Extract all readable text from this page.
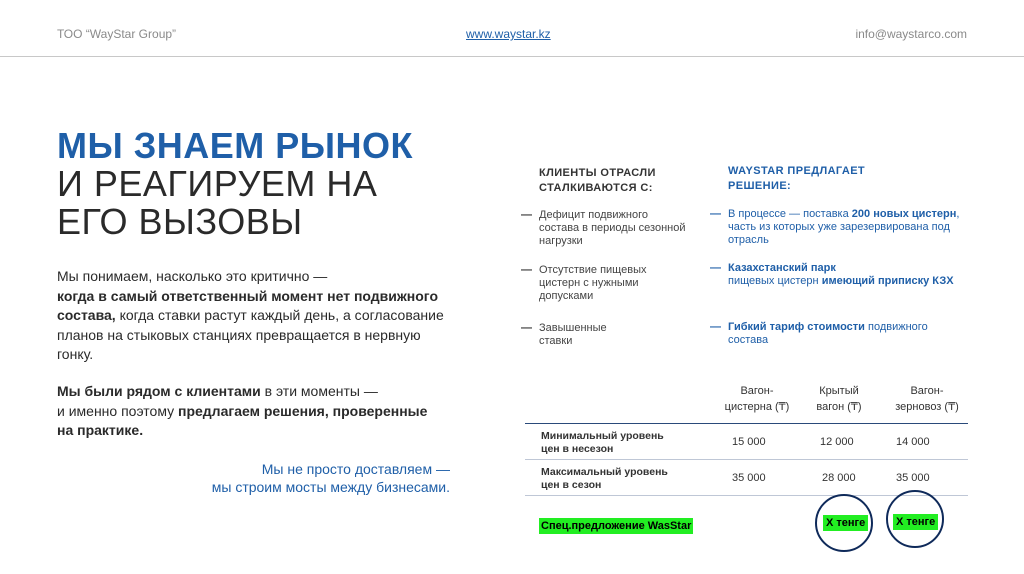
ТОО “WayStar Group”	www.waystar.kz	info@waystarco.com
МЫ ЗНАЕМ РЫНОК
И РЕАГИРУЕМ НА
ЕГО ВЫЗОВЫ
Мы понимаем, насколько это критично —
когда в самый ответственный момент нет подвижного состава, когда ставки растут каждый день, а согласование планов на стыковых станциях превращается в нервную гонку.
Мы были рядом с клиентами в эти моменты —
и именно поэтому предлагаем решения, проверенные на практике.
Мы не просто доставляем —
мы строим мосты между бизнесами.
КЛИЕНТЫ ОТРАСЛИ
СТАЛКИВАЮТСЯ С:
WAYSTAR ПРЕДЛАГАЕТ
РЕШЕНИЕ:
— Дефицит подвижного состава в периоды сезонной нагрузки
— Отсутствие пищевых цистерн с нужными допусками
— Завышенные ставки
— В процессе — поставка 200 новых цистерн, часть из которых уже зарезервирована под отрасль
— Казахстанский парк
пищевых цистерн имеющий приписку КЗХ
— Гибкий тариф стоимости подвижного состава
Вагон-
цистерна (₸)
Крытый
вагон (₸)
Вагон-
зерновоз (₸)
Минимальный уровень
цен в несезон
15 000	12 000	14 000
Максимальный уровень
цен в сезон
35 000	28 000	35 000
Спец.предложение WasStar	Х тенге	Х тенге
